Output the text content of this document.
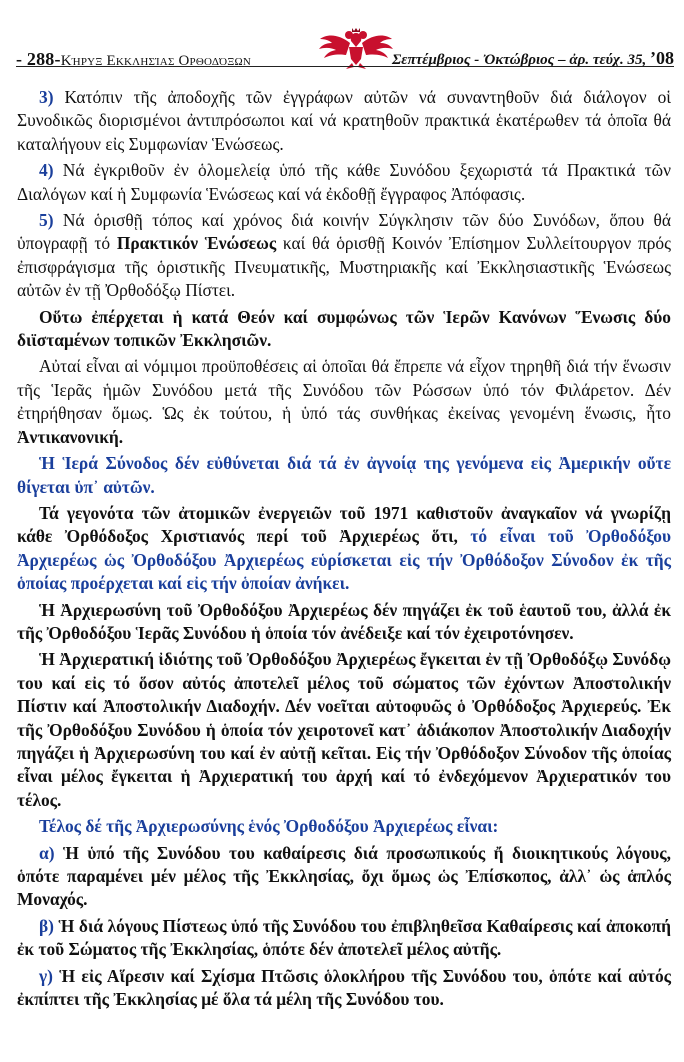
- 288-Κήρυξ Εκκλησίας Ορθοδόξων	Σεπτέμβριος - Ὀκτώβριος – ἀρ. τεύχ. 35, ’08

3) Κατόπιν τῆς ἀποδοχῆς τῶν ἐγγράφων αὐτῶν νά συναντηθοῦν διά διάλογον οἱ Συνοδικῶς διορισμένοι ἀντιπρόσωποι καί νά κρατηθοῦν πρακτικά ἑκατέρωθεν τά ὁποῖα θά καταλήγουν εἰς Συμφωνίαν Ἑνώσεως.

4) Νά ἐγκριθοῦν ἐν ὁλομελείᾳ ὑπό τῆς κάθε Συνόδου ξεχωριστά τά Πρακτικά τῶν Διαλόγων καί ἡ Συμφωνία Ἑνώσεως καί νά ἐκδοθῇ ἔγγραφος Ἀπόφασις.

5) Νά ὁρισθῇ τόπος καί χρόνος διά κοινήν Σύγκλησιν τῶν δύο Συνόδων, ὅπου θά ὑπογραφῇ τό Πρακτικόν Ἑνώσεως καί θά ὁρισθῇ Κοινόν Ἐπίσημον Συλλείτουργον πρός ἐπισφράγισμα τῆς ὁριστικῆς Πνευματικῆς, Μυστηριακῆς καί Ἐκκλησιαστικῆς Ἑνώσεως αὐτῶν ἐν τῇ Ὀρθοδόξῳ Πίστει.

Οὕτω ἐπέρχεται ἡ κατά Θεόν καί συμφώνως τῶν Ἱερῶν Κανόνων Ἕνωσις δύο διϊσταμένων τοπικῶν Ἐκκλησιῶν.

Αὐταί εἶναι αἱ νόμιμοι προϋποθέσεις αἱ ὁποῖαι θά ἔπρεπε νά εἶχον τηρηθῆ διά τήν ἕνωσιν τῆς Ἱερᾶς ἡμῶν Συνόδου μετά τῆς Συνόδου τῶν Ρώσσων ὑπό τόν Φιλάρετον. Δέν ἐτηρήθησαν ὅμως. Ὡς ἐκ τούτου, ἡ ὑπό τάς συνθήκας ἐκείνας γενομένη ἕνωσις, ἦτο Ἀντικανονική.

Ἡ Ἱερά Σύνοδος δέν εὐθύνεται διά τά ἐν ἀγνοίᾳ της γενόμενα εἰς Ἀμερικήν οὔτε θίγεται ὑπ᾿ αὐτῶν.

Τά γεγονότα τῶν ἀτομικῶν ἐνεργειῶν τοῦ 1971 καθιστοῦν ἀναγκαῖον νά γνωρίζῃ κάθε Ὀρθόδοξος Χριστιανός περί τοῦ Ἀρχιερέως ὅτι, τό εἶναι τοῦ Ὀρθοδόξου Ἀρχιερέως ὡς Ὀρθοδόξου Ἀρχιερέως εὑρίσκεται εἰς τήν Ὀρθόδοξον Σύνοδον ἐκ τῆς ὁποίας προέρχεται καί εἰς τήν ὁποίαν ἀνήκει.

Ἡ Ἀρχιερωσύνη τοῦ Ὀρθοδόξου Ἀρχιερέως δέν πηγάζει ἐκ τοῦ ἑαυτοῦ του, ἀλλά ἐκ τῆς Ὀρθοδόξου Ἱερᾶς Συνόδου ἡ ὁποία τόν ἀνέδειξε καί τόν ἐχειροτόνησεν.

Ἡ Ἀρχιερατική ἰδιότης τοῦ Ὀρθοδόξου Ἀρχιερέως ἔγκειται ἐν τῇ Ὀρθοδόξῳ Συνόδῳ του καί εἰς τό ὅσον αὐτός ἀποτελεῖ μέλος τοῦ σώματος τῶν ἐχόντων Ἀποστολικήν Πίστιν καί Ἀποστολικήν Διαδοχήν. Δέν νοεῖται αὐτοφυῶς ὁ Ὀρθόδοξος Ἀρχιερεύς. Ἐκ τῆς Ὀρθοδόξου Συνόδου ἡ ὁποία τόν χειροτονεῖ κατ᾿ ἀδιάκοπον Ἀποστολικήν Διαδοχήν πηγάζει ἡ Ἀρχιερωσύνη του καί ἐν αὐτῇ κεῖται. Εἰς τήν Ὀρθόδοξον Σύνοδον τῆς ὁποίας εἶναι μέλος ἔγκειται ἡ Ἀρχιερατική του ἀρχή καί τό ἐνδεχόμενον Ἀρχιερατικόν του τέλος.

Τέλος δέ τῆς Ἀρχιερωσύνης ἑνός Ὀρθοδόξου Ἀρχιερέως εἶναι:

α) Ἡ ὑπό τῆς Συνόδου του καθαίρεσις διά προσωπικούς ἤ διοικητικούς λόγους, ὁπότε παραμένει μέν μέλος τῆς Ἐκκλησίας, ὄχι ὅμως ὡς Ἐπίσκοπος, ἀλλ᾿ ὡς ἁπλός Μοναχός.

β) Ἡ διά λόγους Πίστεως ὑπό τῆς Συνόδου του ἐπιβληθεῖσα Καθαίρεσις καί ἀποκοπή ἐκ τοῦ Σώματος τῆς Ἐκκλησίας, ὁπότε δέν ἀποτελεῖ μέλος αὐτῆς.

γ) Ἡ εἰς Αἵρεσιν καί Σχίσμα Πτῶσις ὁλοκλήρου τῆς Συνόδου του, ὁπότε καί αὐτός ἐκπίπτει τῆς Ἐκκλησίας μέ ὅλα τά μέλη τῆς Συνόδου του.
